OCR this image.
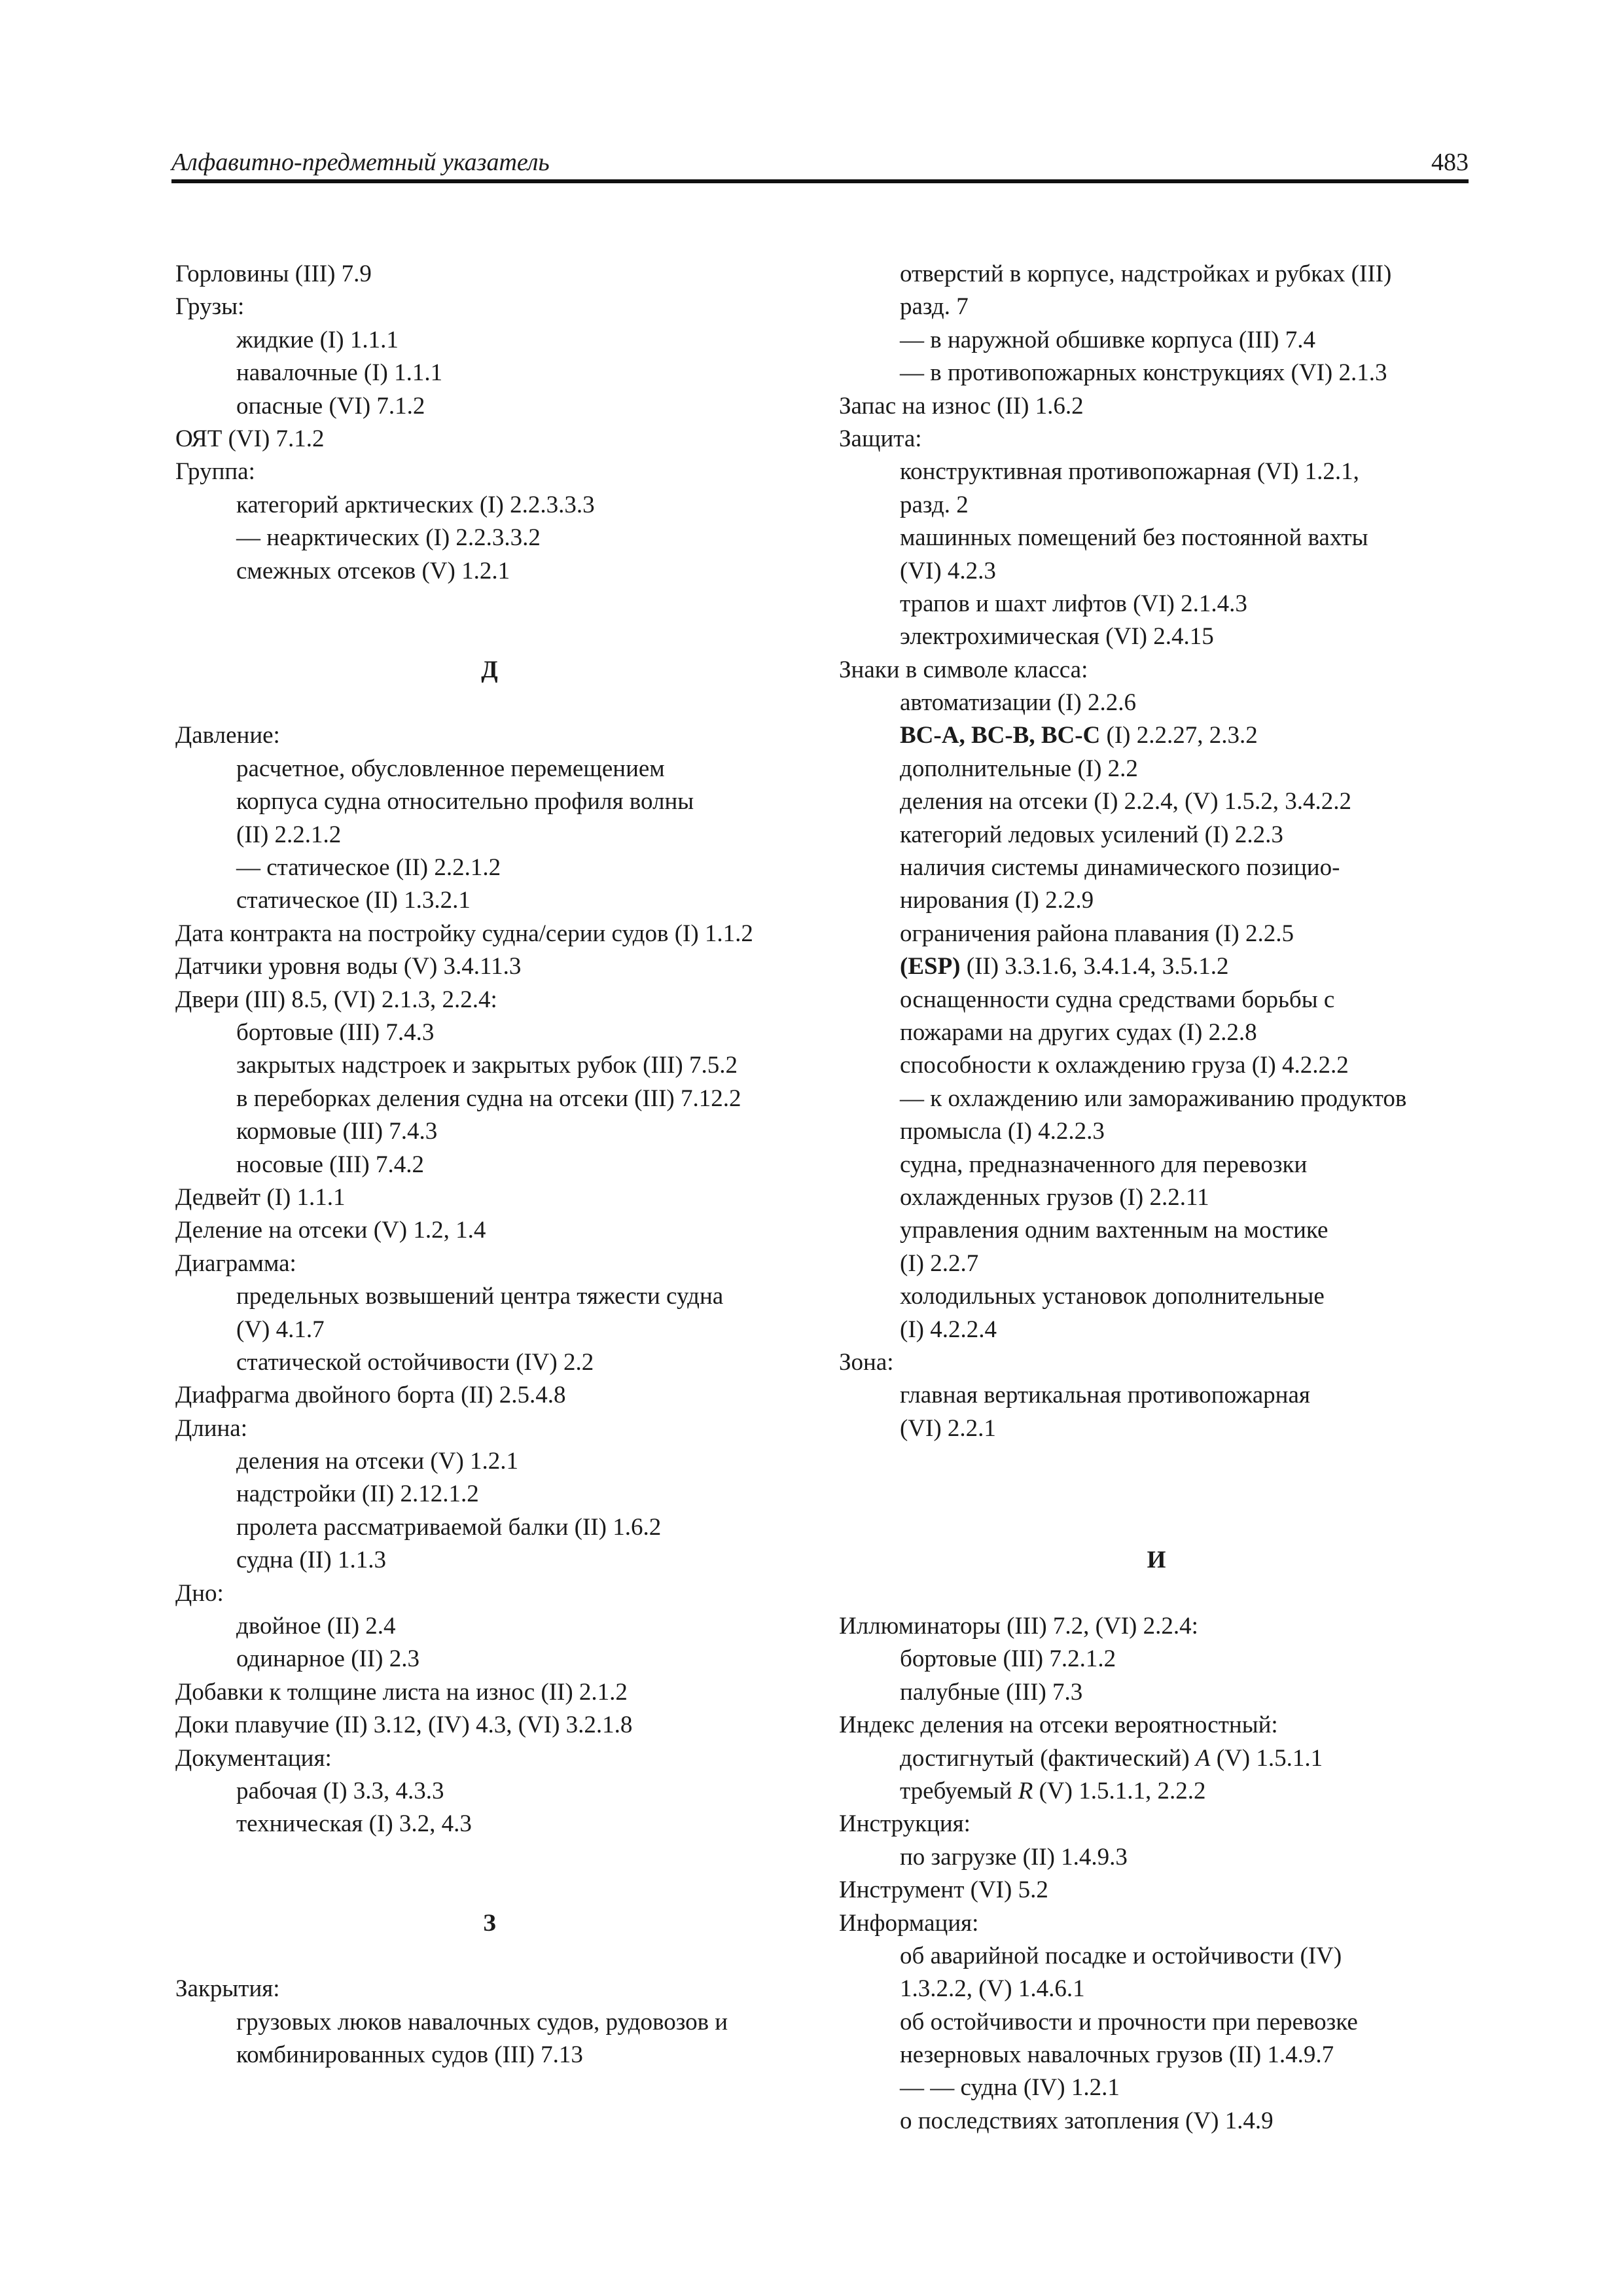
Алфавитно-предметный указатель	483
Горловины (III) 7.9
Грузы:
жидкие (I) 1.1.1
навалочные (I) 1.1.1
опасные (VI) 7.1.2
ОЯТ (VI) 7.1.2
Группа:
категорий арктических (I) 2.2.3.3.3
— неарктических (I) 2.2.3.3.2
смежных отсеков (V) 1.2.1
Д
Давление:
расчетное, обусловленное перемещением
корпуса судна относительно профиля волны
(II) 2.2.1.2
— статическое (II) 2.2.1.2
статическое (II) 1.3.2.1
Дата контракта на постройку судна/серии судов (I) 1.1.2
Датчики уровня воды (V) 3.4.11.3
Двери (III) 8.5, (VI) 2.1.3, 2.2.4:
бортовые (III) 7.4.3
закрытых надстроек и закрытых рубок (III) 7.5.2
в переборках деления судна на отсеки (III) 7.12.2
кормовые (III) 7.4.3
носовые (III) 7.4.2
Дедвейт (I) 1.1.1
Деление на отсеки (V) 1.2, 1.4
Диаграмма:
предельных возвышений центра тяжести судна
(V) 4.1.7
статической остойчивости (IV) 2.2
Диафрагма двойного борта (II) 2.5.4.8
Длина:
деления на отсеки (V) 1.2.1
надстройки (II) 2.12.1.2
пролета рассматриваемой балки (II) 1.6.2
судна (II) 1.1.3
Дно:
двойное (II) 2.4
одинарное (II) 2.3
Добавки к толщине листа на износ (II) 2.1.2
Доки плавучие (II) 3.12, (IV) 4.3, (VI) 3.2.1.8
Документация:
рабочая (I) 3.3, 4.3.3
техническая (I) 3.2, 4.3
З
Закрытия:
грузовых люков навалочных судов, рудовозов и
комбинированных судов (III) 7.13
отверстий в корпусе, надстройках и рубках (III)
разд. 7
— в наружной обшивке корпуса (III) 7.4
— в противопожарных конструкциях (VI) 2.1.3
Запас на износ (II) 1.6.2
Защита:
конструктивная противопожарная (VI) 1.2.1,
разд. 2
машинных помещений без постоянной вахты
(VI) 4.2.3
трапов и шахт лифтов (VI) 2.1.4.3
электрохимическая (VI) 2.4.15
Знаки в символе класса:
автоматизации (I) 2.2.6
BC-A, BC-B, BC-C (I) 2.2.27, 2.3.2
дополнительные (I) 2.2
деления на отсеки (I) 2.2.4, (V) 1.5.2, 3.4.2.2
категорий ледовых усилений (I) 2.2.3
наличия системы динамического позицио-
нирования (I) 2.2.9
ограничения района плавания (I) 2.2.5
(ESP) (II) 3.3.1.6, 3.4.1.4, 3.5.1.2
оснащенности судна средствами борьбы с
пожарами на других судах (I) 2.2.8
способности к охлаждению груза (I) 4.2.2.2
— к охлаждению или замораживанию продуктов
промысла (I) 4.2.2.3
судна, предназначенного для перевозки
охлажденных грузов (I) 2.2.11
управления одним вахтенным на мостике
(I) 2.2.7
холодильных установок дополнительные
(I) 4.2.2.4
Зона:
главная вертикальная противопожарная
(VI) 2.2.1
И
Иллюминаторы (III) 7.2, (VI) 2.2.4:
бортовые (III) 7.2.1.2
палубные (III) 7.3
Индекс деления на отсеки вероятностный:
достигнутый (фактический) A (V) 1.5.1.1
требуемый R (V) 1.5.1.1, 2.2.2
Инструкция:
по загрузке (II) 1.4.9.3
Инструмент (VI) 5.2
Информация:
об аварийной посадке и остойчивости (IV)
1.3.2.2, (V) 1.4.6.1
об остойчивости и прочности при перевозке
незерновых навалочных грузов (II) 1.4.9.7
— — судна (IV) 1.2.1
о последствиях затопления (V) 1.4.9
